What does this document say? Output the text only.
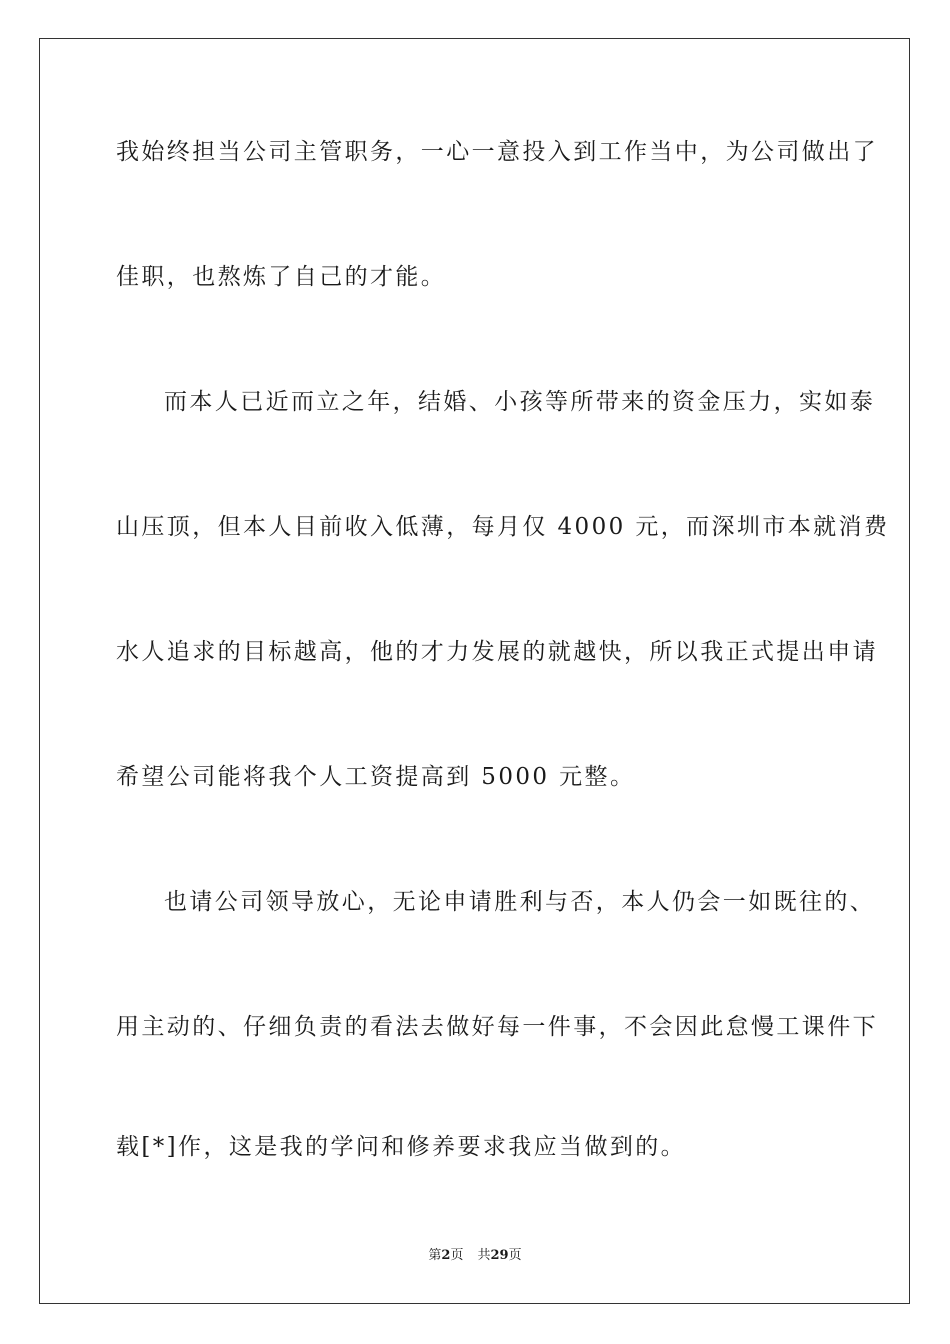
我始终担当公司主管职务，一心一意投入到工作当中，为公司做出了
佳职，也熬炼了自己的才能。
而本人已近而立之年，结婚、小孩等所带来的资金压力，实如泰
山压顶，但本人目前收入低薄，每月仅 4000 元，而深圳市本就消费
水人追求的目标越高，他的才力发展的就越快，所以我正式提出申请
希望公司能将我个人工资提高到 5000 元整。
也请公司领导放心，无论申请胜利与否，本人仍会一如既往的、
用主动的、仔细负责的看法去做好每一件事，不会因此怠慢工课件下
载[*]作，这是我的学问和修养要求我应当做到的。
第2页 共29页
